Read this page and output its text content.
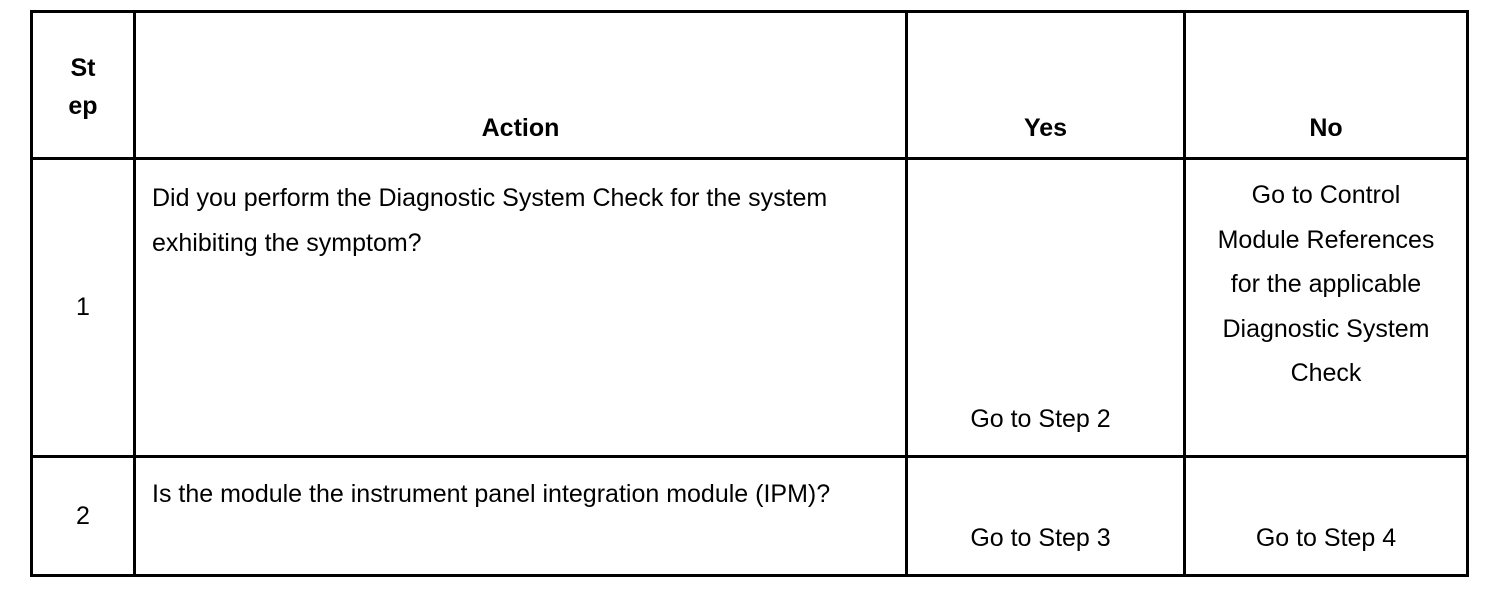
St ep	Action	Yes	No

1	Did you perform the Diagnostic System Check for the system exhibiting the symptom?	Go to Step 2	Go to Control Module References for the applicable Diagnostic System Check

2	Is the module the instrument panel integration module (IPM)?	Go to Step 3	Go to Step 4
